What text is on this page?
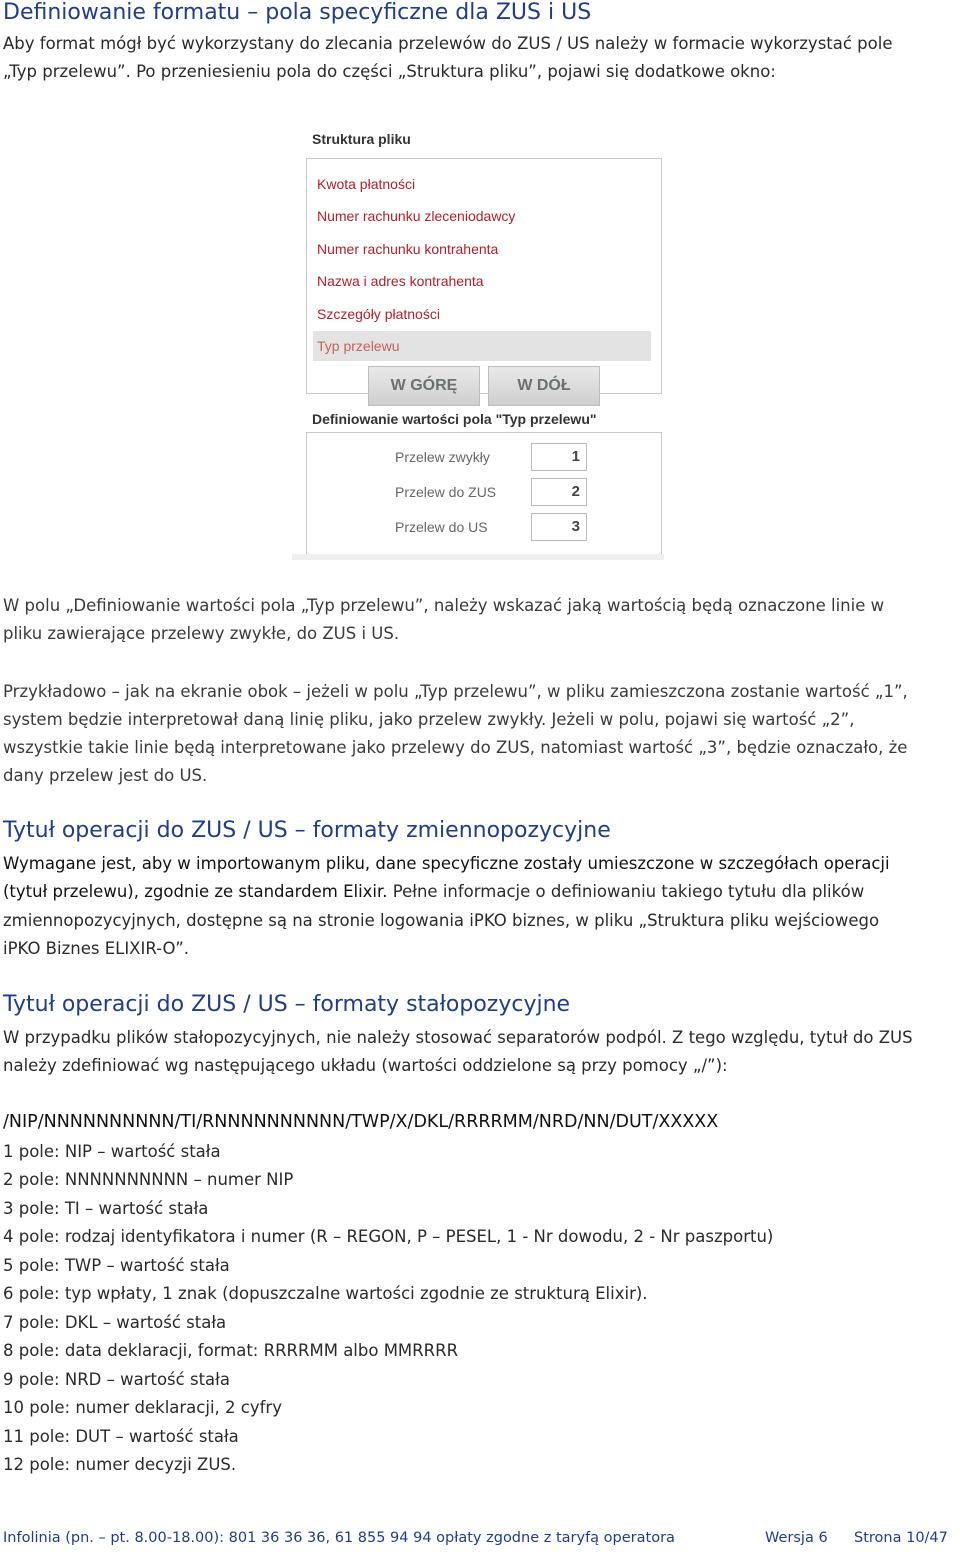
Definiowanie formatu – pola specyficzne dla ZUS i US

Aby format mógł być wykorzystany do zlecania przelewów do ZUS / US należy w formacie wykorzystać pole

„Typ przelewu”. Po przeniesieniu pola do części „Struktura pliku”, pojawi się dodatkowe okno:

Struktura pliku
Kwota płatności
Numer rachunku zleceniodawcy
Numer rachunku kontrahenta
Nazwa i adres kontrahenta
Szczegóły płatności
Typ przelewu
W GÓRĘ	W DÓŁ
Definiowanie wartości pola "Typ przelewu"
Przelew zwykły	1
Przelew do ZUS	2
Przelew do US	3

W polu „Definiowanie wartości pola „Typ przelewu”, należy wskazać jaką wartością będą oznaczone linie w

pliku zawierające przelewy zwykłe, do ZUS i US.

Przykładowo – jak na ekranie obok – jeżeli w polu „Typ przelewu”, w pliku zamieszczona zostanie wartość „1”,

system będzie interpretował daną linię pliku, jako przelew zwykły. Jeżeli w polu, pojawi się wartość „2”,

wszystkie takie linie będą interpretowane jako przelewy do ZUS, natomiast wartość „3”, będzie oznaczało, że

dany przelew jest do US.

Tytuł operacji do ZUS / US – formaty zmiennopozycyjne

Wymagane jest, aby w importowanym pliku, dane specyficzne zostały umieszczone w szczegółach operacji

(tytuł przelewu), zgodnie ze standardem Elixir. Pełne informacje o definiowaniu takiego tytułu dla plików

zmiennopozycyjnych, dostępne są na stronie logowania iPKO biznes, w pliku „Struktura pliku wejściowego

iPKO Biznes ELIXIR-O”.

Tytuł operacji do ZUS / US – formaty stałopozycyjne

W przypadku plików stałopozycyjnych, nie należy stosować separatorów podpól. Z tego względu, tytuł do ZUS

należy zdefiniować wg następującego układu (wartości oddzielone są przy pomocy „/”):

/NIP/NNNNNNNNNN/TI/RNNNNNNNNNN/TWP/X/DKL/RRRRMM/NRD/NN/DUT/XXXXX

1 pole: NIP – wartość stała

2 pole: NNNNNNNNNN – numer NIP

3 pole: TI – wartość stała

4 pole: rodzaj identyfikatora i numer (R – REGON, P – PESEL, 1 - Nr dowodu, 2 - Nr paszportu)

5 pole: TWP – wartość stała

6 pole: typ wpłaty, 1 znak (dopuszczalne wartości zgodnie ze strukturą Elixir).

7 pole: DKL – wartość stała

8 pole: data deklaracji, format: RRRRMM albo MMRRRR

9 pole: NRD – wartość stała

10 pole: numer deklaracji, 2 cyfry

11 pole: DUT – wartość stała

12 pole: numer decyzji ZUS.

Infolinia (pn. – pt. 8.00-18.00): 801 36 36 36, 61 855 94 94 opłaty zgodne z taryfą operatora	Wersja 6 Strona 10/47
